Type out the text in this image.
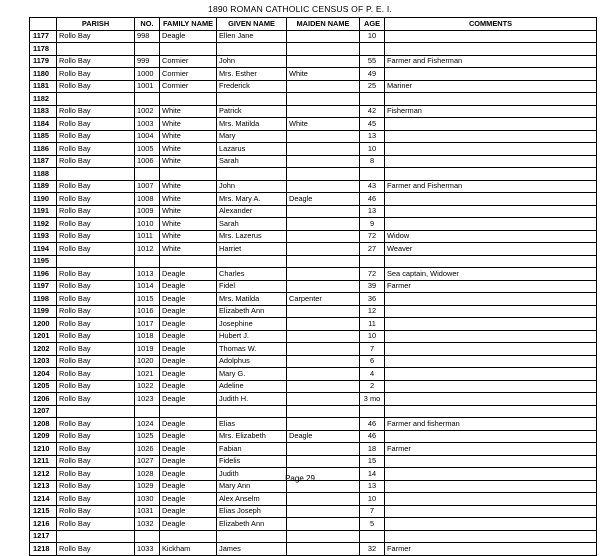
1890 ROMAN CATHOLIC CENSUS OF P. E. I.
	PARISH	NO.	FAMILY NAME	GIVEN NAME	MAIDEN NAME	AGE	COMMENTS
1177	Rollo Bay	998	Deagle	Ellen Jane		10	
1178							
1179	Rollo Bay	999	Cormier	John		55	Farmer and Fisherman
1180	Rollo Bay	1000	Cormier	Mrs. Esther	White	49	
1181	Rollo Bay	1001	Cormier	Frederick		25	Mariner
1182							
1183	Rollo Bay	1002	White	Patrick		42	Fisherman
1184	Rollo Bay	1003	White	Mrs. Matilda	White	45	
1185	Rollo Bay	1004	White	Mary		13	
1186	Rollo Bay	1005	White	Lazarus		10	
1187	Rollo Bay	1006	White	Sarah		8	
1188							
1189	Rollo Bay	1007	White	John		43	Farmer and Fisherman
1190	Rollo Bay	1008	White	Mrs. Mary A.	Deagle	46	
1191	Rollo Bay	1009	White	Alexander		13	
1192	Rollo Bay	1010	White	Sarah		9	
1193	Rollo Bay	1011	White	Mrs. Lazerus		72	Widow
1194	Rollo Bay	1012	White	Harriet		27	Weaver
1195							
1196	Rollo Bay	1013	Deagle	Charles		72	Sea captain, Widower
1197	Rollo Bay	1014	Deagle	Fidel		39	Farmer
1198	Rollo Bay	1015	Deagle	Mrs. Matilda	Carpenter	36	
1199	Rollo Bay	1016	Deagle	Elizabeth Ann		12	
1200	Rollo Bay	1017	Deagle	Josephine		11	
1201	Rollo Bay	1018	Deagle	Hubert J.		10	
1202	Rollo Bay	1019	Deagle	Thomas W.		7	
1203	Rollo Bay	1020	Deagle	Adolphus		6	
1204	Rollo Bay	1021	Deagle	Mary G.		4	
1205	Rollo Bay	1022	Deagle	Adeline		2	
1206	Rollo Bay	1023	Deagle	Judith H.		3 mo	
1207							
1208	Rollo Bay	1024	Deagle	Elias		46	Farmer and fisherman
1209	Rollo Bay	1025	Deagle	Mrs. Elizabeth	Deagle	46	
1210	Rollo Bay	1026	Deagle	Fabian		18	Farmer
1211	Rollo Bay	1027	Deagle	Fidelis		15	
1212	Rollo Bay	1028	Deagle	Judith		14	
1213	Rollo Bay	1029	Deagle	Mary Ann		13	
1214	Rollo Bay	1030	Deagle	Alex Anselm		10	
1215	Rollo Bay	1031	Deagle	Elias Joseph		7	
1216	Rollo Bay	1032	Deagle	Elizabeth Ann		5	
1217							
1218	Rollo Bay	1033	Kickham	James		32	Farmer
Page 29
